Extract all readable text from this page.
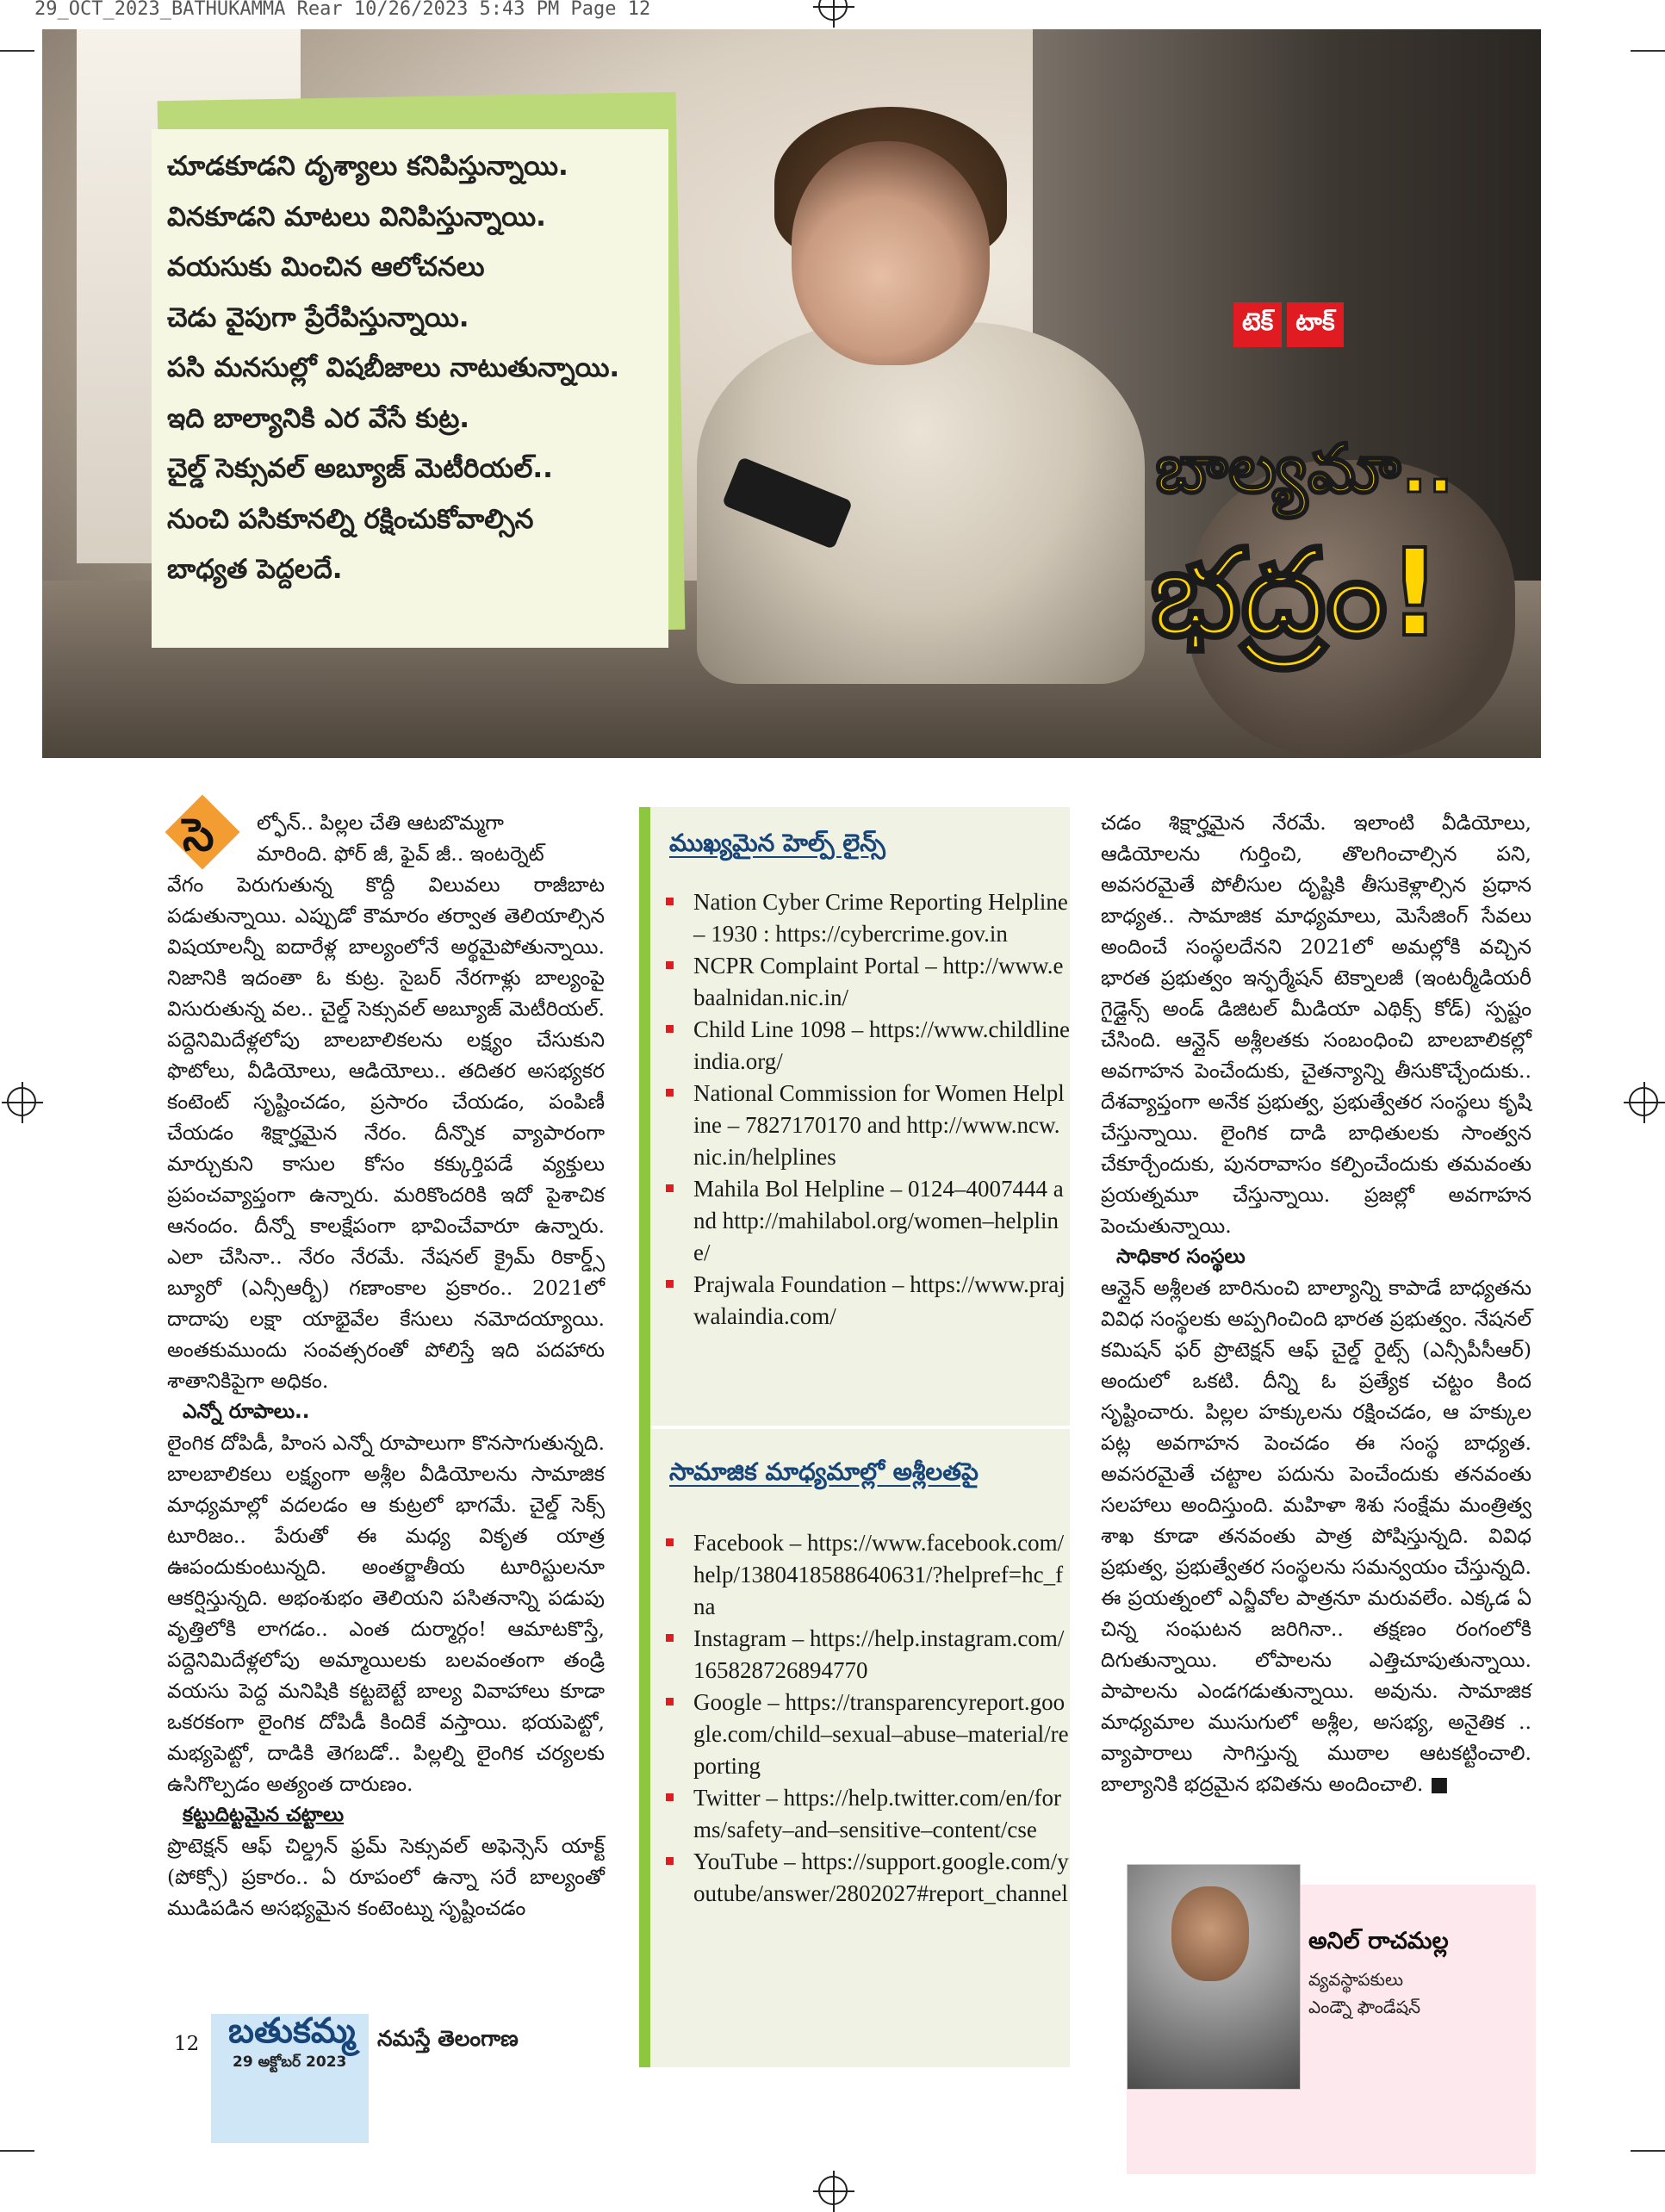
29_OCT_2023_BATHUKAMMA Rear 10/26/2023 5:43 PM Page 12

చూడకూడని దృశ్యాలు కనిపిస్తున్నాయి.

వినకూడని మాటలు వినిపిస్తున్నాయి.

వయసుకు మించిన ఆలోచనలు

చెడు వైపుగా ప్రేరేపిస్తున్నాయి.

పసి మనసుల్లో విషబీజాలు నాటుతున్నాయి.

ఇది బాల్యానికి ఎర వేసే కుట్ర.

చైల్డ్ సెక్సువల్ అబ్యూజ్ మెటీరియల్..

నుంచి పసికూనల్ని రక్షించుకోవాల్సిన

బాధ్యత పెద్దలదే.

టెక్ టాక్
బాల్యమా..
భద్రం!
సె	ల్ఫోన్.. పిల్లల చేతి ఆటబొమ్మగా

మారింది. ఫోర్ జీ, ఫైవ్ జీ.. ఇంటర్నెట్

వేగం పెరుగుతున్న కొద్దీ విలువలు రాజీబాట పడుతున్నాయి. ఎప్పుడో కౌమారం తర్వాత తెలియాల్సిన విషయాలన్నీ ఐదారేళ్ల బాల్యంలోనే అర్థమైపోతున్నాయి. నిజానికి ఇదంతా ఓ కుట్ర. సైబర్ నేరగాళ్లు బాల్యంపై విసురుతున్న వల.. చైల్డ్ సెక్సువల్ అబ్యూజ్ మెటీరియల్. పద్దెనిమిదేళ్లలోపు బాలబాలికలను లక్ష్యం చేసుకుని ఫొటోలు, వీడియోలు, ఆడియోలు.. తదితర అసభ్యకర కంటెంట్ సృష్టించడం, ప్రసారం చేయడం, పంపిణీ చేయడం శిక్షార్హమైన నేరం. దీన్నొక వ్యాపారంగా మార్చుకుని కాసుల కోసం కక్కుర్తిపడే వ్యక్తులు ప్రపంచవ్యాప్తంగా ఉన్నారు. మరికొందరికి ఇదో పైశాచిక ఆనందం. దీన్నో కాలక్షేపంగా భావించేవారూ ఉన్నారు. ఎలా చేసినా.. నేరం నేరమే. నేషనల్ క్రైమ్ రికార్డ్స్ బ్యూరో (ఎన్సీఆర్బీ) గణాంకాల ప్రకారం.. 2021లో దాదాపు లక్షా యాభైవేల కేసులు నమోదయ్యాయి. అంతకుముందు సంవత్సరంతో పోలిస్తే ఇది పదహారు శాతానికిపైగా అధికం.

ఎన్నో రూపాలు..

లైంగిక దోపిడీ, హింస ఎన్నో రూపాలుగా కొనసాగుతున్నది. బాలబాలికలు లక్ష్యంగా అశ్లీల వీడియోలను సామాజిక మాధ్యమాల్లో వదలడం ఆ కుట్రలో భాగమే. చైల్డ్ సెక్స్ టూరిజం.. పేరుతో ఈ మధ్య వికృత యాత్ర ఊపందుకుంటున్నది. అంతర్జాతీయ టూరిస్టులనూ ఆకర్షిస్తున్నది. అభంశుభం తెలియని పసితనాన్ని పడుపు వృత్తిలోకి లాగడం.. ఎంత దుర్మార్గం! ఆమాటకొస్తే, పద్దెనిమిదేళ్లలోపు అమ్మాయిలకు బలవంతంగా తండ్రి వయసు పెద్ద మనిషికి కట్టబెట్టే బాల్య వివాహాలు కూడా ఒకరకంగా లైంగిక దోపిడీ కిందికే వస్తాయి. భయపెట్టో, మభ్యపెట్టో, దాడికి తెగబడో.. పిల్లల్ని లైంగిక చర్యలకు ఉసిగొల్పడం అత్యంత దారుణం.

కట్టుదిట్టమైన చట్టాలు

ప్రొటెక్షన్ ఆఫ్ చిల్డ్రన్ ఫ్రమ్ సెక్సువల్ అఫెన్సెస్ యాక్ట్ (పోక్సో) ప్రకారం.. ఏ రూపంలో ఉన్నా సరే బాల్యంతో ముడిపడిన అసభ్యమైన కంటెంట్ను సృష్టించడం

ముఖ్యమైన హెల్ప్ లైన్స్
Nation Cyber Crime Reporting Helpline – 1930 : https://cybercrime.gov.in
NCPR Complaint Portal – http://www.ebaalnidan.nic.in/
Child Line 1098 – https://www.childlineindia.org/
National Commission for Women Helpline – 7827170170 and http://www.ncw.nic.in/helplines
Mahila Bol Helpline – 0124–4007444 and http://mahilabol.org/women–helpline/
Prajwala Foundation – https://www.prajwalaindia.com/
సామాజిక మాధ్యమాల్లో అశ్లీలతపై
Facebook – https://www.facebook.com/help/1380418588640631/?helpref=hc_fna
Instagram – https://help.instagram.com/165828726894770
Google – https://transparencyreport.google.com/child–sexual–abuse–material/reporting
Twitter – https://help.twitter.com/en/forms/safety–and–sensitive–content/cse
YouTube – https://support.google.com/youtube/answer/2802027#report_channel

చడం శిక్షార్హమైన నేరమే. ఇలాంటి వీడియోలు, ఆడియోలను గుర్తించి, తొలగించాల్సిన పని, అవసరమైతే పోలీసుల దృష్టికి తీసుకెళ్లాల్సిన ప్రధాన బాధ్యత.. సామాజిక మాధ్యమాలు, మెసేజింగ్ సేవలు అందించే సంస్థలదేనని 2021లో అమల్లోకి వచ్చిన భారత ప్రభుత్వం ఇన్ఫర్మేషన్ టెక్నాలజీ (ఇంటర్మీడియరీ గైడ్లైన్స్ అండ్ డిజిటల్ మీడియా ఎథిక్స్ కోడ్) స్పష్టం చేసింది. ఆన్లైన్ అశ్లీలతకు సంబంధించి బాలబాలికల్లో అవగాహన పెంచేందుకు, చైతన్యాన్ని తీసుకొచ్చేందుకు.. దేశవ్యాప్తంగా అనేక ప్రభుత్వ, ప్రభుత్వేతర సంస్థలు కృషి చేస్తున్నాయి. లైంగిక దాడి బాధితులకు సాంత్వన చేకూర్చేందుకు, పునరావాసం కల్పించేందుకు తమవంతు ప్రయత్నమూ చేస్తున్నాయి. ప్రజల్లో అవగాహన పెంచుతున్నాయి.

సాధికార సంస్థలు

ఆన్లైన్ అశ్లీలత బారినుంచి బాల్యాన్ని కాపాడే బాధ్యతను వివిధ సంస్థలకు అప్పగించింది భారత ప్రభుత్వం. నేషనల్ కమిషన్ ఫర్ ప్రొటెక్షన్ ఆఫ్ చైల్డ్ రైట్స్ (ఎన్సీపీసీఆర్) అందులో ఒకటి. దీన్ని ఓ ప్రత్యేక చట్టం కింద సృష్టించారు. పిల్లల హక్కులను రక్షించడం, ఆ హక్కుల పట్ల అవగాహన పెంచడం ఈ సంస్థ బాధ్యత. అవసరమైతే చట్టాల పదును పెంచేందుకు తనవంతు సలహాలు అందిస్తుంది. మహిళా శిశు సంక్షేమ మంత్రిత్వ శాఖ కూడా తనవంతు పాత్ర పోషిస్తున్నది. వివిధ ప్రభుత్వ, ప్రభుత్వేతర సంస్థలను సమన్వయం చేస్తున్నది. ఈ ప్రయత్నంలో ఎన్జీవోల పాత్రనూ మరువలేం. ఎక్కడ ఏ చిన్న సంఘటన జరిగినా.. తక్షణం రంగంలోకి దిగుతున్నాయి. లోపాలను ఎత్తిచూపుతున్నాయి. పాపాలను ఎండగడుతున్నాయి. అవును. సామాజిక మాధ్యమాల ముసుగులో అశ్లీల, అసభ్య, అనైతిక .. వ్యాపారాలు సాగిస్తున్న ముఠాల ఆటకట్టించాలి. బాల్యానికి భద్రమైన భవితను అందించాలి. ■

అనిల్ రాచమల్ల
వ్యవస్థాపకులు
ఎండ్నౌ ఫౌండేషన్
12 బతుకమ్మ
29 అక్టోబర్ 2023
నమస్తే తెలంగాణ
